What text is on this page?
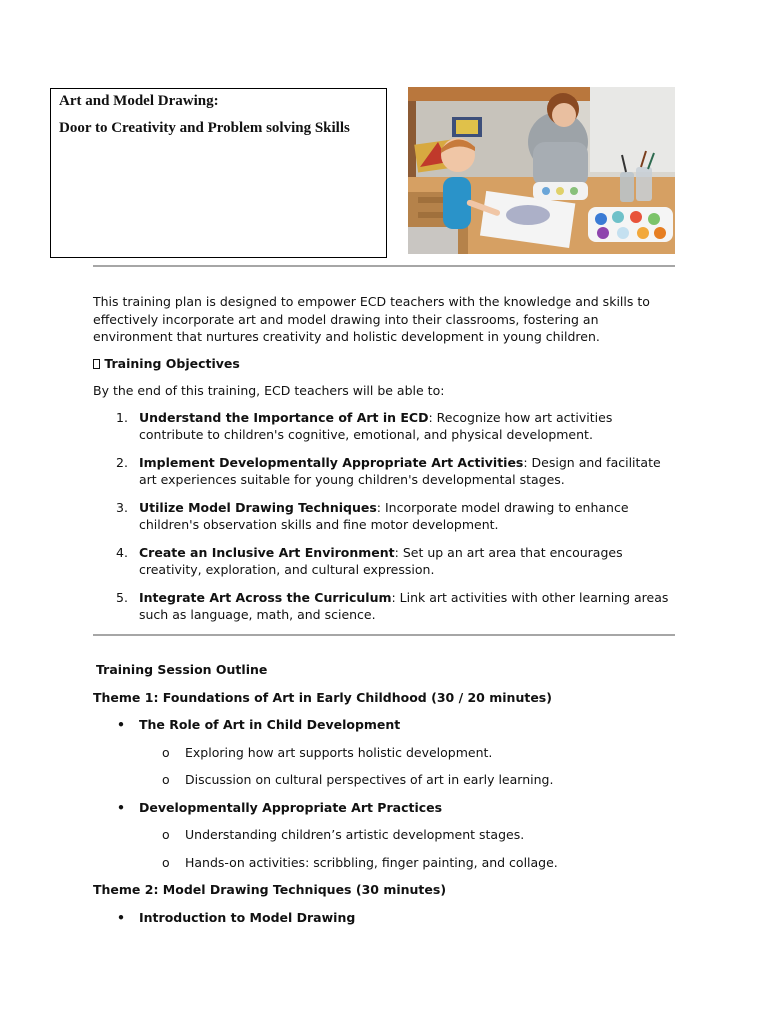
Art and Model Drawing:

Door to Creativity and Problem solving Skills

This training plan is designed to empower ECD teachers with the knowledge and skills to effectively incorporate art and model drawing into their classrooms, fostering an environment that nurtures creativity and holistic development in young children.

Training Objectives

By the end of this training, ECD teachers will be able to:

1. Understand the Importance of Art in ECD: Recognize how art activities contribute to children's cognitive, emotional, and physical development.
2. Implement Developmentally Appropriate Art Activities: Design and facilitate art experiences suitable for young children's developmental stages.
3. Utilize Model Drawing Techniques: Incorporate model drawing to enhance children's observation skills and fine motor development.
4. Create an Inclusive Art Environment: Set up an art area that encourages creativity, exploration, and cultural expression.
5. Integrate Art Across the Curriculum: Link art activities with other learning areas such as language, math, and science.

Training Session Outline

Theme 1: Foundations of Art in Early Childhood (30 / 20 minutes)

• The Role of Art in Child Development

o Exploring how art supports holistic development.

o Discussion on cultural perspectives of art in early learning.

• Developmentally Appropriate Art Practices

o Understanding children’s artistic development stages.

o Hands-on activities: scribbling, finger painting, and collage.

Theme 2: Model Drawing Techniques (30 minutes)

• Introduction to Model Drawing
